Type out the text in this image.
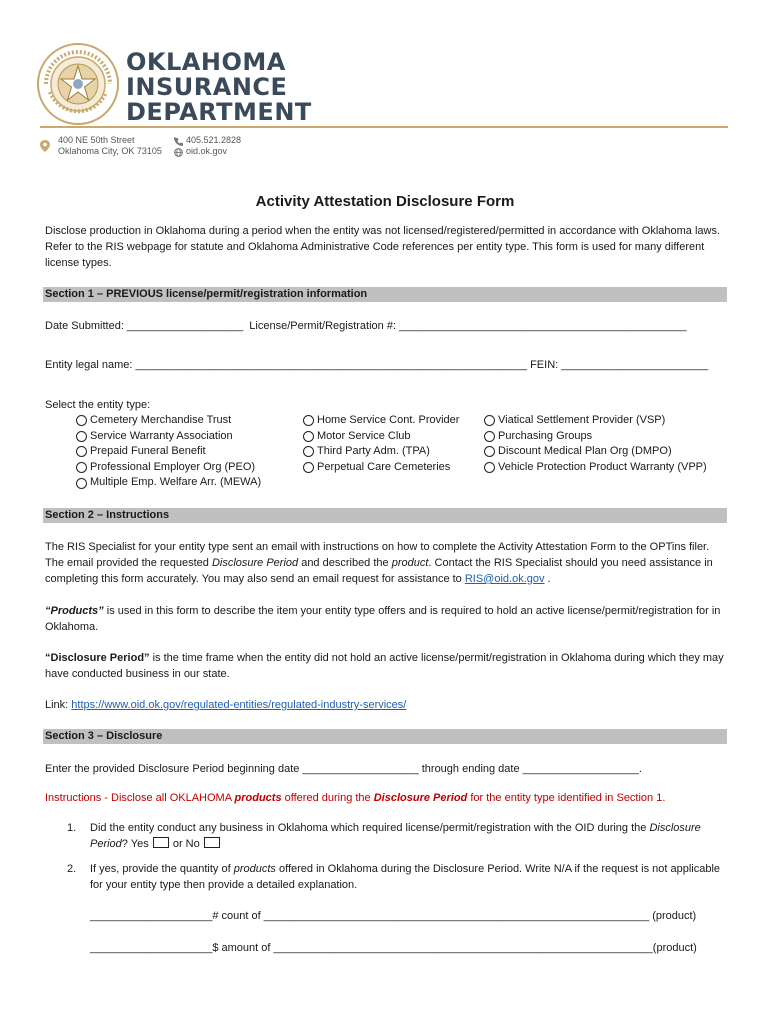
OKLAHOMA
INSURANCE
DEPARTMENT
400 NE 50th Street
Oklahoma City, OK 73105
405.521.2828
oid.ok.gov
Activity Attestation Disclosure Form
Disclose production in Oklahoma during a period when the entity was not licensed/registered/permitted in accordance with Oklahoma laws. Refer to the RIS webpage for statute and Oklahoma Administrative Code references per entity type. This form is used for many different license types.
Section 1 – PREVIOUS license/permit/registration information
Date Submitted: ___________________  License/Permit/Registration #: _______________________________________________
Entity legal name: ________________________________________________________________ FEIN: ________________________
Select the entity type:
Cemetery Merchandise Trust
Service Warranty Association
Prepaid Funeral Benefit
Professional Employer Org (PEO)
Multiple Emp. Welfare Arr. (MEWA)
Home Service Cont. Provider
Motor Service Club
Third Party Adm. (TPA)
Perpetual Care Cemeteries
Viatical Settlement Provider (VSP)
Purchasing Groups
Discount Medical Plan Org (DMPO)
Vehicle Protection Product Warranty (VPP)
Section 2 – Instructions
The RIS Specialist for your entity type sent an email with instructions on how to complete the Activity Attestation Form to the OPTins filer. The email provided the requested Disclosure Period and described the product. Contact the RIS Specialist should you need assistance in completing this form accurately. You may also send an email request for assistance to RIS@oid.ok.gov .
“Products” is used in this form to describe the item your entity type offers and is required to hold an active license/permit/registration for in Oklahoma.
“Disclosure Period” is the time frame when the entity did not hold an active license/permit/registration in Oklahoma during which they may have conducted business in our state.
Link: https://www.oid.ok.gov/regulated-entities/regulated-industry-services/
Section 3 – Disclosure
Enter the provided Disclosure Period beginning date ___________________ through ending date ___________________.
Instructions - Disclose all OKLAHOMA products offered during the Disclosure Period for the entity type identified in Section 1.
1. Did the entity conduct any business in Oklahoma which required license/permit/registration with the OID during the Disclosure Period? Yes  or No
2. If yes, provide the quantity of products offered in Oklahoma during the Disclosure Period. Write N/A if the request is not applicable for your entity type then provide a detailed explanation.
____________________# count of _______________________________________________________________ (product)
____________________$ amount of ______________________________________________________________(product)
